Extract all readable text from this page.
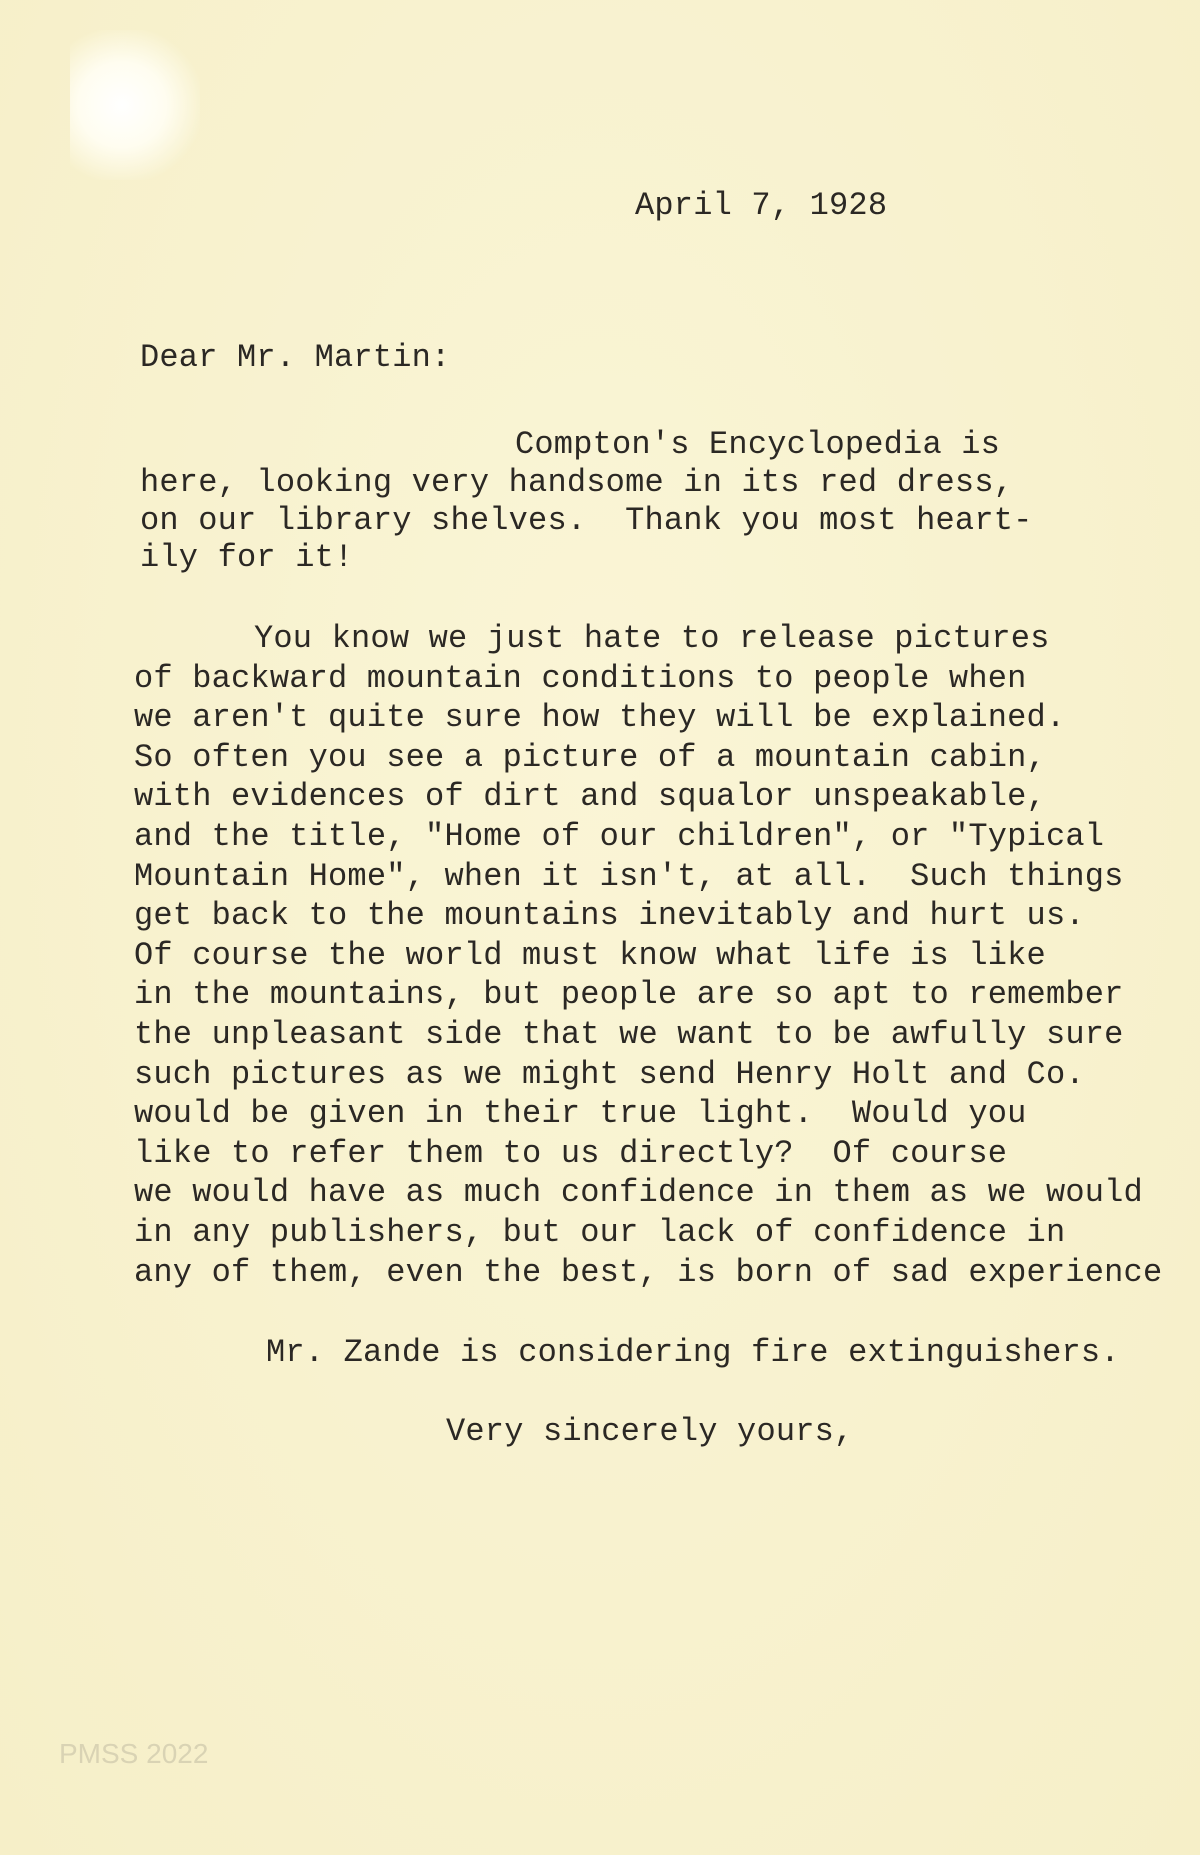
April 7, 1928
Dear Mr. Martin:
Compton's Encyclopedia is
here, looking very handsome in its red dress,
on our library shelves.  Thank you most heart-
ily for it!
You know we just hate to release pictures
of backward mountain conditions to people when
we aren't quite sure how they will be explained.
So often you see a picture of a mountain cabin,
with evidences of dirt and squalor unspeakable,
and the title, "Home of our children", or "Typical
Mountain Home", when it isn't, at all.  Such things
get back to the mountains inevitably and hurt us.
Of course the world must know what life is like
in the mountains, but people are so apt to remember
the unpleasant side that we want to be awfully sure
such pictures as we might send Henry Holt and Co.
would be given in their true light.  Would you
like to refer them to us directly?  Of course
we would have as much confidence in them as we would
in any publishers, but our lack of confidence in
any of them, even the best, is born of sad experience
Mr. Zande is considering fire extinguishers.
Very sincerely yours,
PMSS 2022
